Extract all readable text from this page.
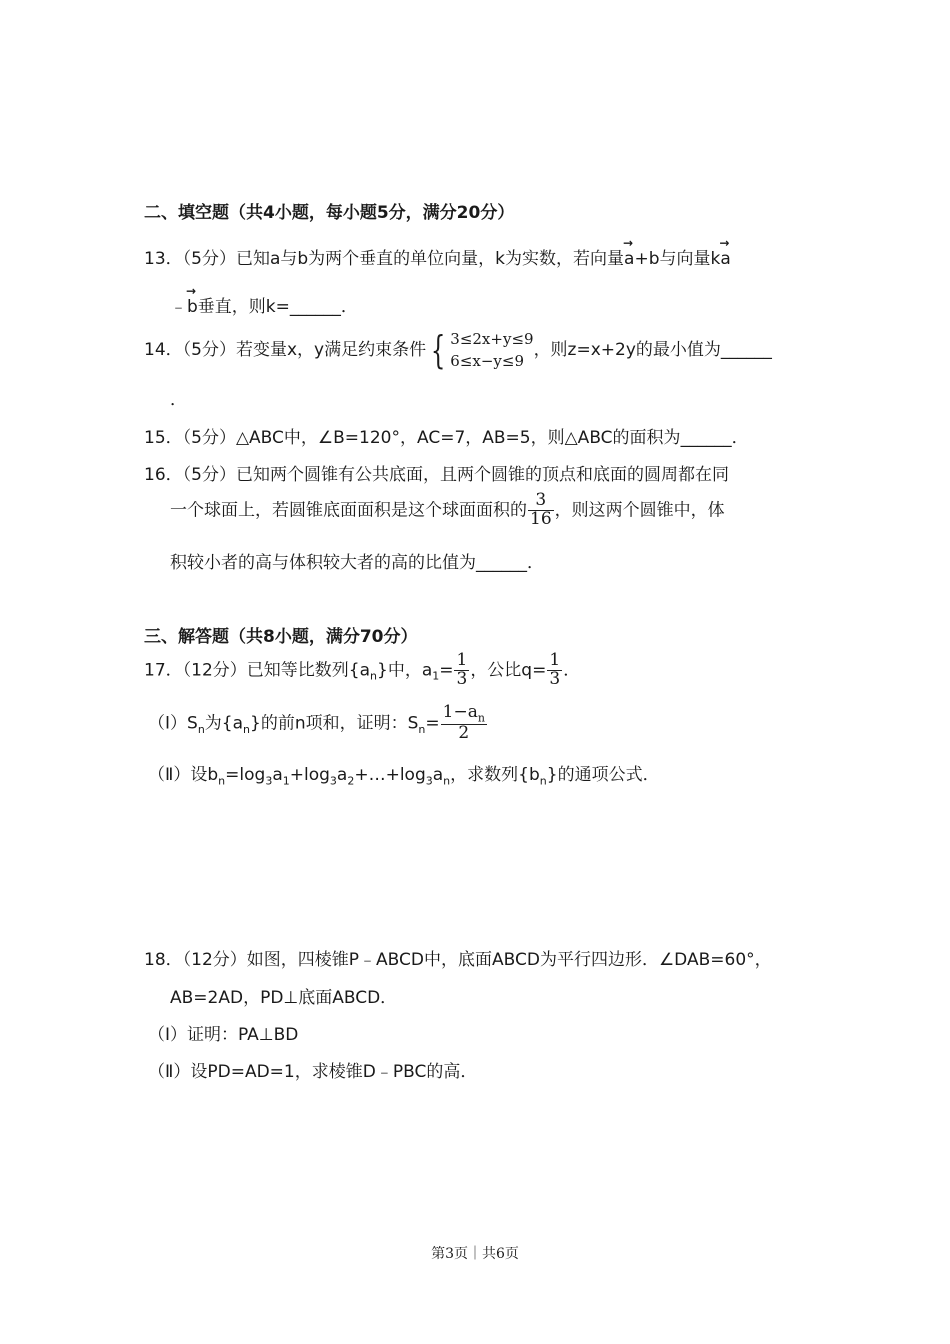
二、填空题（共4小题，每小题5分，满分20分）
13．（5分）已知a与b为两个垂直的单位向量，k为实数，若向量→ a+b与向量k→ a
﹣→ b垂直，则k=______．
14．（5分）若变量x，y满足约束条件 { 3≤2x+y≤9
6≤x−y≤9
，则z=x+2y的最小值为______
．
15．（5分）△ABC中，∠B=120°，AC=7，AB=5，则△ABC的面积为______．
16．（5分）已知两个圆锥有公共底面，且两个圆锥的顶点和底面的圆周都在同
一个球面上，若圆锥底面面积是这个球面面积的 $\frac{3}{16}$ ，则这两个圆锥中，体
积较小者的高与体积较大者的高的比值为______．
三、解答题（共8小题，满分70分）
17．（12分）已知等比数列$\{a_n\}$中，$a_1= \frac{1}{3}$ ，公比$q= \frac{1}{3}$ ．
$(Ⅰ)S_n$为$\{a_n\}$的前n项和，证明：$S_n= \frac{1-a_n}{2}$
（Ⅱ）设$b_n=\log_3a_1+\log_3a_2+\dots+\log_3a_n$，求数列$\{b_n\}$的通项公式．
18．（12分）如图，四棱锥P﹣ABCD中，底面ABCD为平行四边形．∠DAB=60°，
AB=2AD，PD⊥底面ABCD．
（Ⅰ）证明：PA⊥BD
（Ⅱ）设PD=AD=1，求棱锥D﹣PBC的高．
第3页｜共6页
